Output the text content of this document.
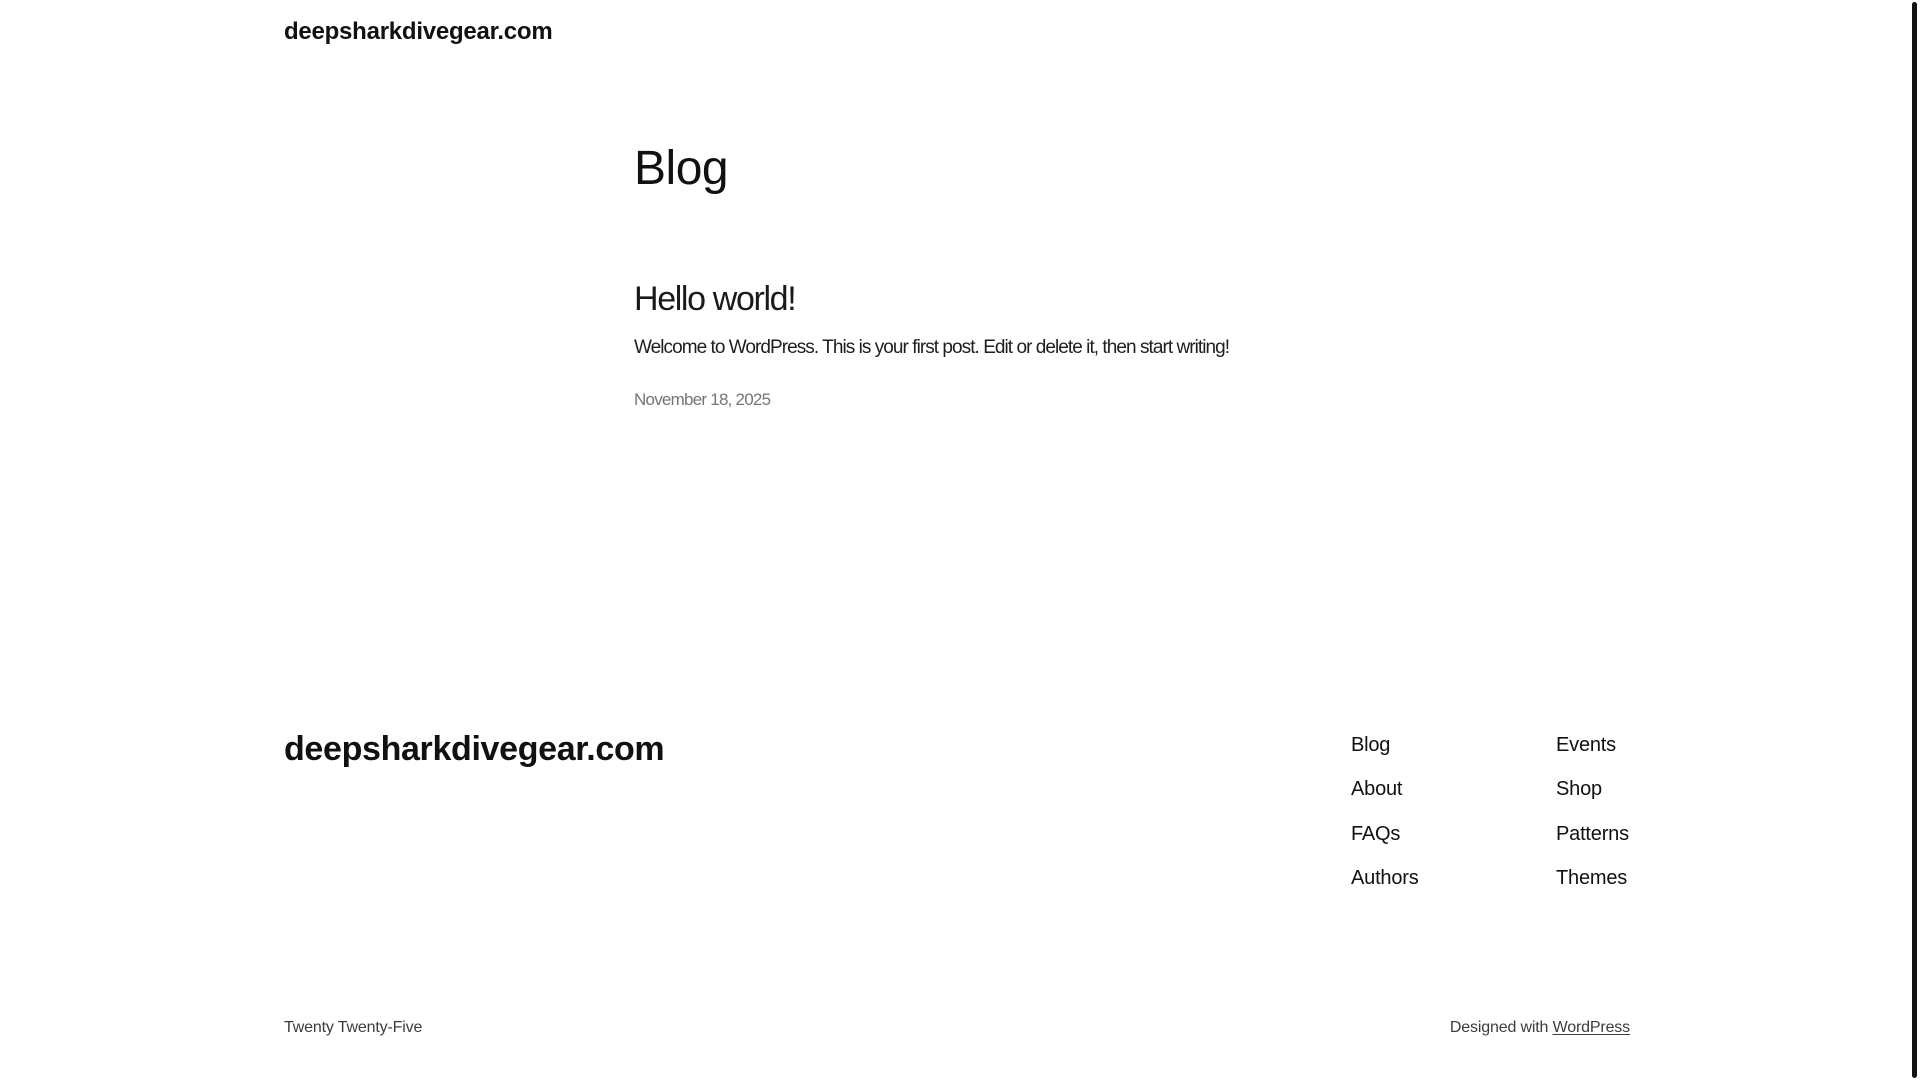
deepsharkdivegear.com
Blog
Hello world!

Welcome to WordPress. This is your first post. Edit or delete it, then start writing!

November 18, 2025
deepsharkdivegear.com	Blog
About
FAQs
Authors
Events
Shop
Patterns
Themes
Twenty Twenty-Five	Designed with WordPress
